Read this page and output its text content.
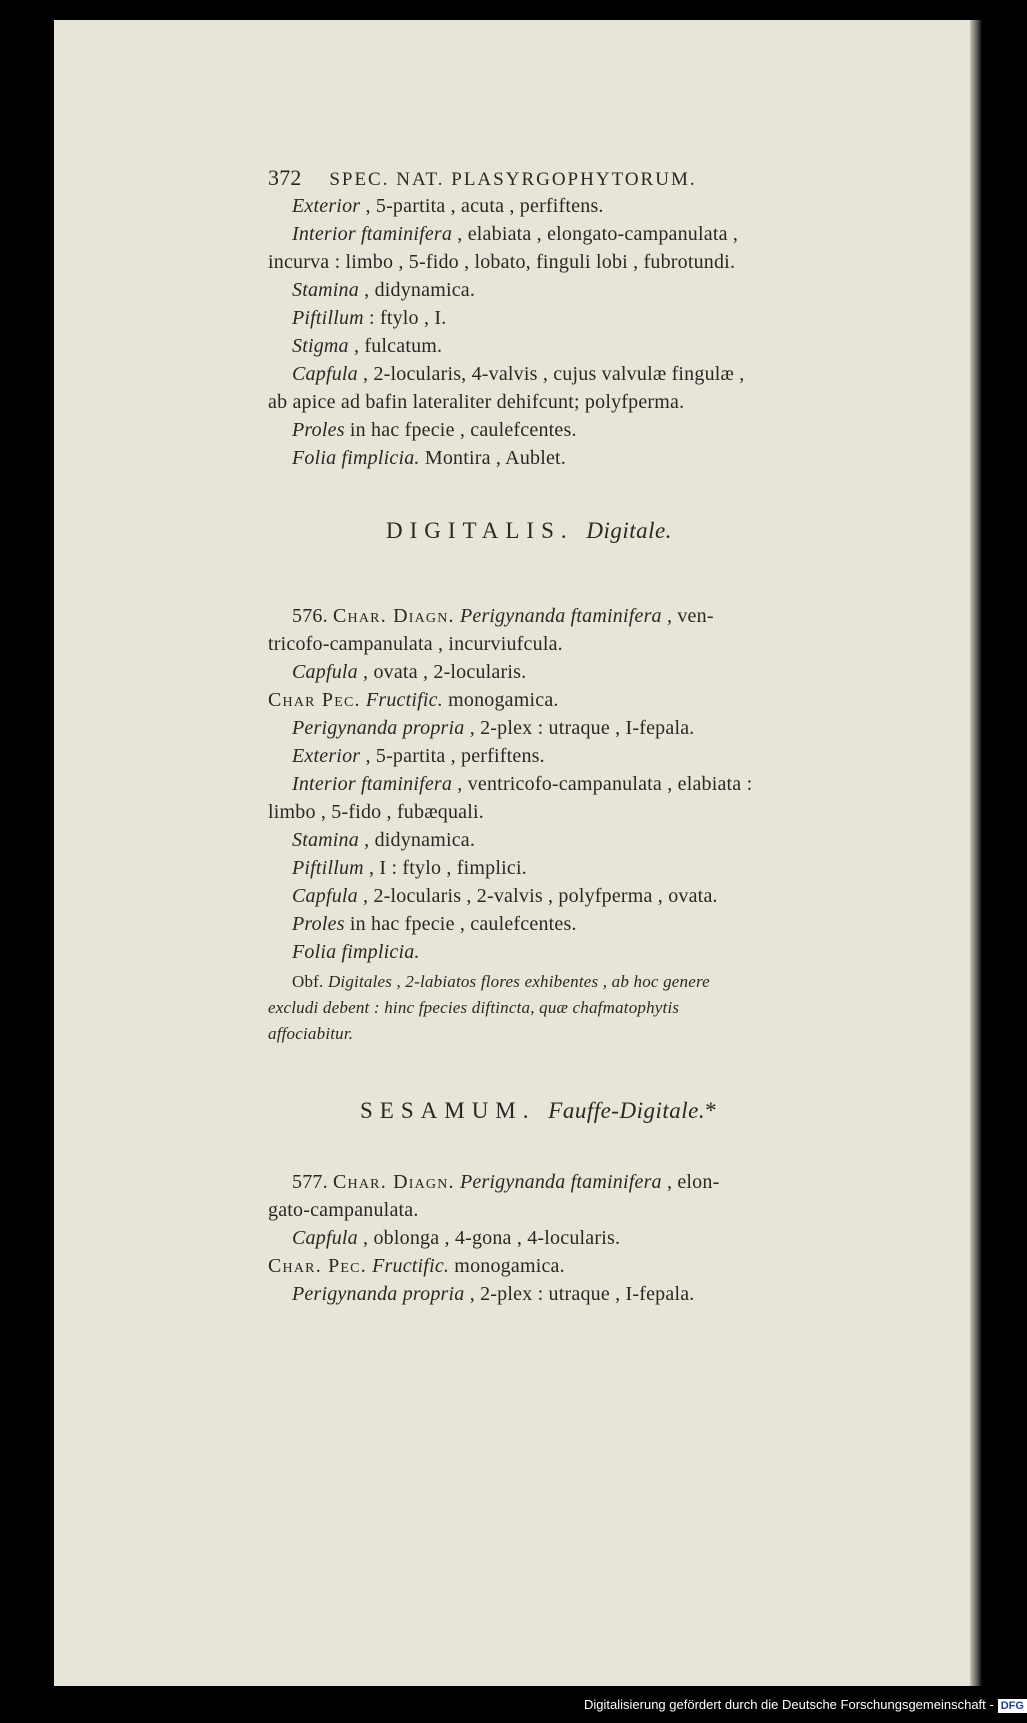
372 SPEC. NAT. PLASYRGOPHYTORUM.
Exterior , 5-partita , acuta , perfiftens.
Interior ftaminifera , elabiata , elongato-campanulata ,
incurva : limbo , 5-fido , lobato, finguli lobi , fubrotundi.
Stamina , didynamica.
Piftillum : ftylo , I.
Stigma , fulcatum.
Capfula , 2-locularis, 4-valvis , cujus valvulæ fingulæ ,
ab apice ad bafin lateraliter dehifcunt; polyfperma.
Proles in hac fpecie , caulefcentes.
Folia fimplicia. Montira , Aublet.
DIGITALIS. Digitale.
576. Char. Diagn. Perigynanda ftaminifera , ven-
tricofo-campanulata , incurviufcula.
Capfula , ovata , 2-locularis.
Char Pec. Fructific. monogamica.
Perigynanda propria , 2-plex : utraque , I-fepala.
Exterior , 5-partita , perfiftens.
Interior ftaminifera , ventricofo-campanulata , elabiata :
limbo , 5-fido , fubæquali.
Stamina , didynamica.
Piftillum , I : ftylo , fimplici.
Capfula , 2-locularis , 2-valvis , polyfperma , ovata.
Proles in hac fpecie , caulefcentes.
Folia fimplicia.
Obf. Digitales , 2-labiatos flores exhibentes , ab hoc genere
excludi debent : hinc fpecies diftincta, quæ chafmatophytis
affociabitur.
SESAMUM. Fauffe-Digitale.*
577. Char. Diagn. Perigynanda ftaminifera , elon-
gato-campanulata.
Capfula , oblonga , 4-gona , 4-locularis.
Char. Pec. Fructific. monogamica.
Perigynanda propria , 2-plex : utraque , I-fepala.
Digitalisierung gefördert durch die Deutsche Forschungsgemeinschaft - DFG
